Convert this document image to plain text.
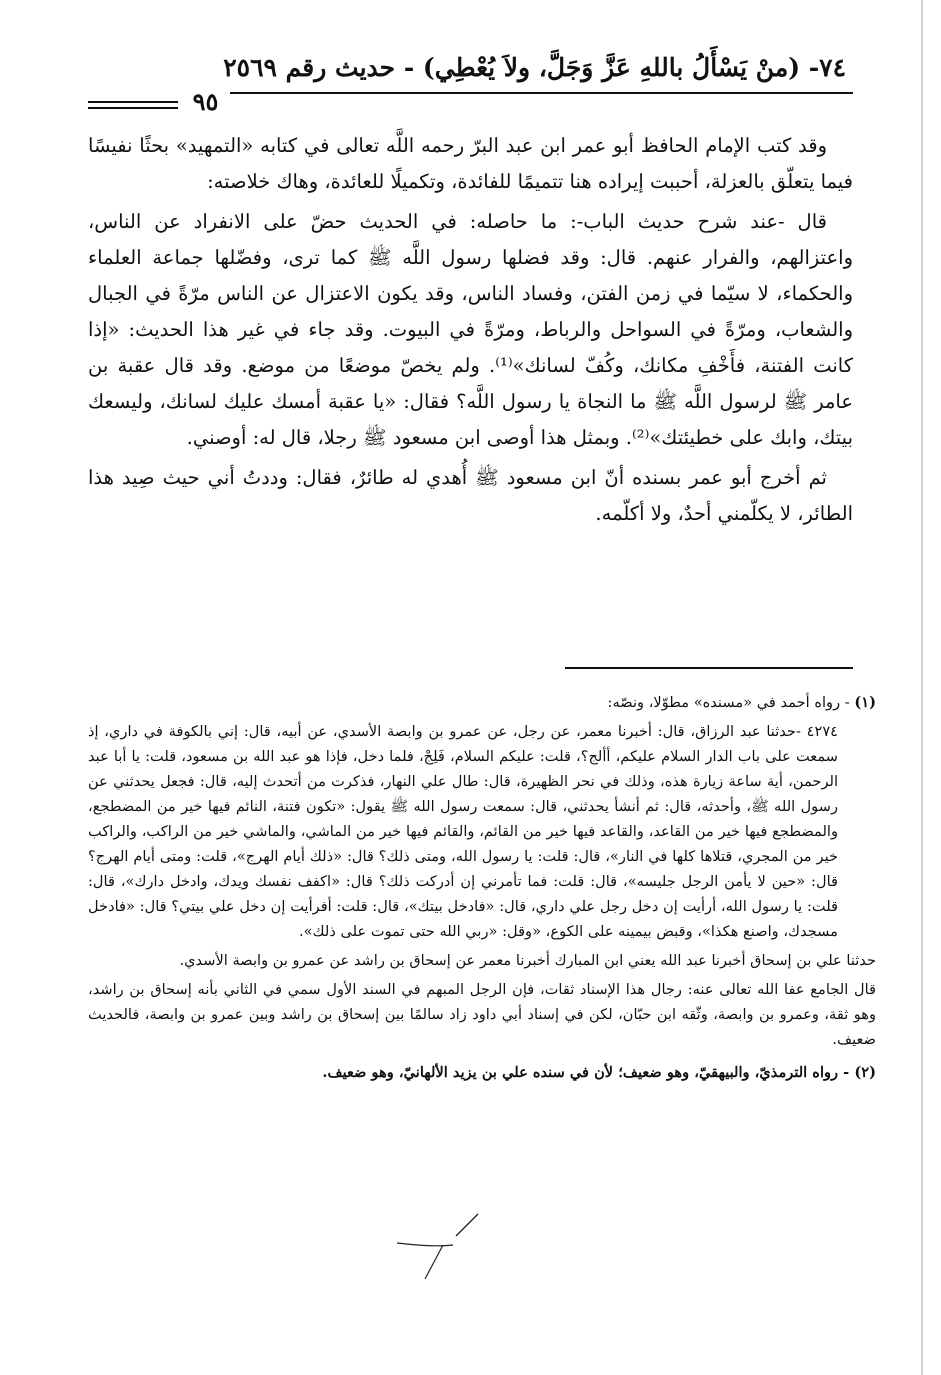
٧٤- (منْ يَسْأَلُ باللهِ عَزَّ وَجَلَّ، ولاَ يُعْطِي) - حديث رقم ٢٥٦٩
٩٥

وقد كتب الإمام الحافظ أبو عمر ابن عبد البرّ رحمه اللَّه تعالى في كتابه «التمهيد» بحثًا نفيسًا فيما يتعلّق بالعزلة، أحببت إيراده هنا تتميمًا للفائدة، وتكميلًا للعائدة، وهاك خلاصته:

قال -عند شرح حديث الباب-: ما حاصله: في الحديث حضّ على الانفراد عن الناس، واعتزالهم، والفرار عنهم. قال: وقد فضلها رسول اللَّه ﷺ كما ترى، وفضّلها جماعة العلماء والحكماء، لا سيّما في زمن الفتن، وفساد الناس، وقد يكون الاعتزال عن الناس مرّةً في الجبال والشعاب، ومرّةً في السواحل والرباط، ومرّةً في البيوت. وقد جاء في غير هذا الحديث: «إذا كانت الفتنة، فأَخْفِ مكانك، وكُفّ لسانك»⁽¹⁾. ولم يخصّ موضعًا من موضع. وقد قال عقبة بن عامر ﷺ لرسول اللَّه ﷺ ما النجاة يا رسول اللَّه؟ فقال: «يا عقبة أمسك عليك لسانك، وليسعك بيتك، وابك على خطيئتك»⁽²⁾. وبمثل هذا أوصى ابن مسعود ﷺ رجلا، قال له: أوصني.

ثم أخرج أبو عمر بسنده أنّ ابن مسعود ﷺ أُهدي له طائرٌ، فقال: وددتُ أني حيث صِيد هذا الطائر، لا يكلّمني أحدٌ، ولا أكلّمه.

(١) - رواه أحمد في «مسنده» مطوّلا، ونصّه:

٤٢٧٤ -حدثنا عبد الرزاق، قال: أخبرنا معمر، عن رجل، عن عمرو بن وابصة الأسدي، عن أبيه، قال: إني بالكوفة في داري، إذ سمعت على باب الدار السلام عليكم، أألج؟، قلت: عليكم السلام، فَلِجْ، فلما دخل، فإذا هو عبد الله بن مسعود، قلت: يا أبا عبد الرحمن، أية ساعة زيارة هذه، وذلك في نحر الظهيرة، قال: طال علي النهار، فذكرت من أتحدث إليه، قال: فجعل يحدثني عن رسول الله ﷺ، وأحدثه، قال: ثم أنشأ يحدثني، قال: سمعت رسول الله ﷺ يقول: «تكون فتنة، النائم فيها خير من المضطجع، والمضطجع فيها خير من القاعد، والقاعد فيها خير من القائم، والقائم فيها خير من الماشي، والماشي خير من الراكب، والراكب خير من المجري، قتلاها كلها في النار»، قال: قلت: يا رسول الله، ومتى ذلك؟ قال: «ذلك أيام الهرج»، قلت: ومتى أيام الهرج؟ قال: «حين لا يأمن الرجل جليسه»، قال: قلت: فما تأمرني إن أدركت ذلك؟ قال: «اكفف نفسك ويدك، وادخل دارك»، قال: قلت: يا رسول الله، أرأيت إن دخل رجل علي داري، قال: «فادخل بيتك»، قال: قلت: أفرأيت إن دخل علي بيتي؟ قال: «فادخل مسجدك، واصنع هكذا»، وقبض بيمينه على الكوع، «وقل: «ربي الله حتى تموت على ذلك».

حدثنا علي بن إسحاق أخبرنا عبد الله يعني ابن المبارك أخبرنا معمر عن إسحاق بن راشد عن عمرو بن وابصة الأسدي.

قال الجامع عفا الله تعالى عنه: رجال هذا الإسناد ثقات، فإن الرجل المبهم في السند الأول سمي في الثاني بأنه إسحاق بن راشد، وهو ثقة، وعمرو بن وابصة، وثّقه ابن حبّان، لكن في إسناد أبي داود زاد سالمًا بين إسحاق بن راشد وبين عمرو بن وابصة، فالحديث ضعيف.

(٢) - رواه الترمذيّ، والبيهقيّ، وهو ضعيف؛ لأن في سنده علي بن يزيد الألهانيّ، وهو ضعيف.
